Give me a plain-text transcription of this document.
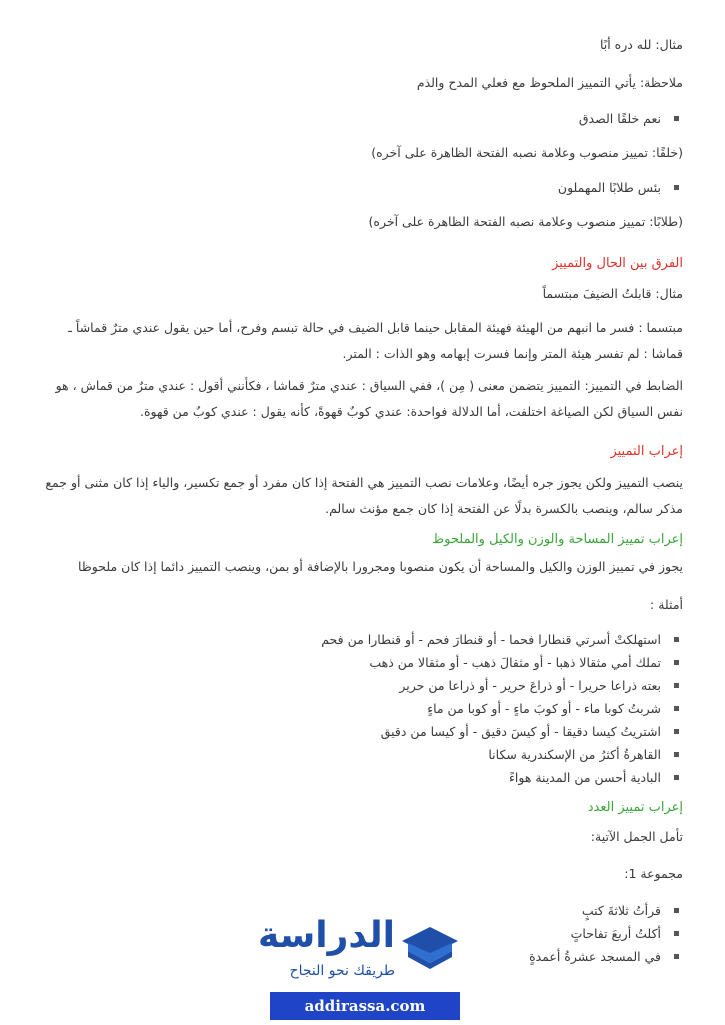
مثال: لله دره أبًا
ملاحظة: يأتي التمييز الملحوظ مع فعلي المدح والذم
نعم خلقًا الصدق
(خلقًا: تمييز منصوب وعلامة نصبه الفتحة الظاهرة على آخره)
بئس طلابًا المهملون
(طلابًا: تمييز منصوب وعلامة نصبه الفتحة الظاهرة على آخره)
الفرق بين الحال والتمييز
مثال: قابلتُ الضيفَ مبتسماً
مبتسما : فسر ما انبهم من الهيئة فهيئة المقابل حينما قابل الضيف في حالة تبسم وفرح، أما حين يقول عندي مترٌ قماشاً ـ قماشا : لم تفسر هيئة المتر وإنما فسرت إبهامه وهو الذات : المتر.
الضابط في التمييز: التمييز يتضمن معنى ( مِن )، ففي السياق : عندي مترٌ قماشا ، فكأنني أقول : عندي مترٌ من قماش ، هو نفس السياق لكن الصياغة اختلفت، أما الدلالة فواحدة: عندي كوبٌ قهوةً، كأنه يقول : عندي كوبٌ من قهوة.
إعراب التمييز
ينصب التمييز ولكن يجوز جره أيضًا، وعلامات نصب التمييز هي الفتحة إذا كان مفرد أو جمع تكسير، والياء إذا كان مثنى أو جمع مذكر سالم، وينصب بالكسرة بدلًا عن الفتحة إذا كان جمع مؤنث سالم.
إعراب تمييز المساحة والوزن والكيل والملحوظ
يجوز في تمييز الوزن والكيل والمساحة أن يكون منصوبا ومجرورا بالإضافة أو بمن، وينصب التمييز دائما إذا كان ملحوظا
أمثلة :
استهلكتْ أسرتي قنطارا فحما - أو قنطارَ فحم - أو قنطارا من فحم
تملك أمي مثقالا ذهبا - أو مثقالَ ذهب - أو مثقالا من ذهب
بعته ذراعا حريرا - أو ذراعَ حرير - أو ذراعا من حرير
شربتُ كوبا ماء - أو كوبَ ماءٍ - أو كوبا من ماءٍ
اشتريتُ كيسا دقيقا - أو كيسَ دقيق - أو كيسا من دقيق
القاهرةُ أكثرُ من الإسكندرية سكانا
البادية أحسن من المدينة هواءً
إعراب تمييز العدد
تأمل الجمل الآتية:
مجموعة 1:
قرأتُ ثلاثةَ كتبٍ
أكلتُ أربعَ تفاحاتٍ
في المسجد عشرةُ أعمدةٍ
الدراسة
طريقك نحو النجاح
addirassa.com
